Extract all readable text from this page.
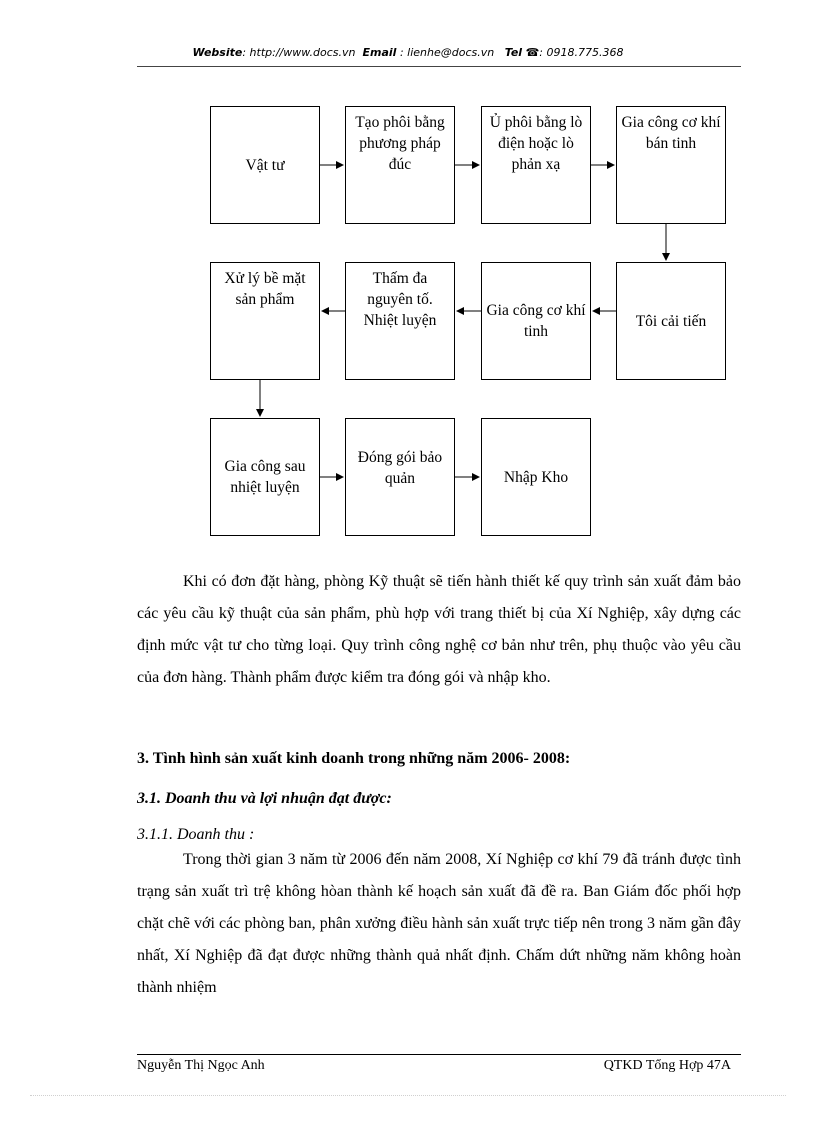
Website: http://www.docs.vn Email : lienhe@docs.vn Tel ☎: 0918.775.368
Vật tư
Tạo phôi bằng phương pháp đúc
Ủ phôi bằng lò điện hoặc lò phản xạ
Gia công cơ khí bán tinh
Xử lý bề mặt sản phẩm
Thấm đa nguyên tố. Nhiệt luyện
Gia công cơ khí tinh
Tôi cải tiến
Gia công sau nhiệt luyện
Đóng gói bảo quản	Nhập Kho

Khi có đơn đặt hàng, phòng Kỹ thuật sẽ tiến hành thiết kế quy trình sản xuất đảm bảo các yêu cầu kỹ thuật của sản phẩm, phù hợp với trang thiết bị của Xí Nghiệp, xây dựng các định mức vật tư cho từng loại. Quy trình công nghệ cơ bản như trên, phụ thuộc vào yêu cầu của đơn hàng. Thành phẩm được kiểm tra đóng gói và nhập kho.

3. Tình hình sản xuất kinh doanh trong những năm 2006- 2008:

3.1. Doanh thu và lợi nhuận đạt được:

3.1.1. Doanh thu :

Trong thời gian 3 năm từ 2006 đến năm 2008, Xí Nghiệp cơ khí 79 đã tránh được tình trạng sản xuất trì trệ không hòan thành kế hoạch sản xuất đã đề ra. Ban Giám đốc phối hợp chặt chẽ với các phòng ban, phân xưởng điều hành sản xuất trực tiếp nên trong 3 năm gần đây nhất, Xí Nghiệp đã đạt được những thành quả nhất định. Chấm dứt những năm không hoàn thành nhiệm

Nguyễn Thị Ngọc Anh	QTKD Tổng Hợp 47A
